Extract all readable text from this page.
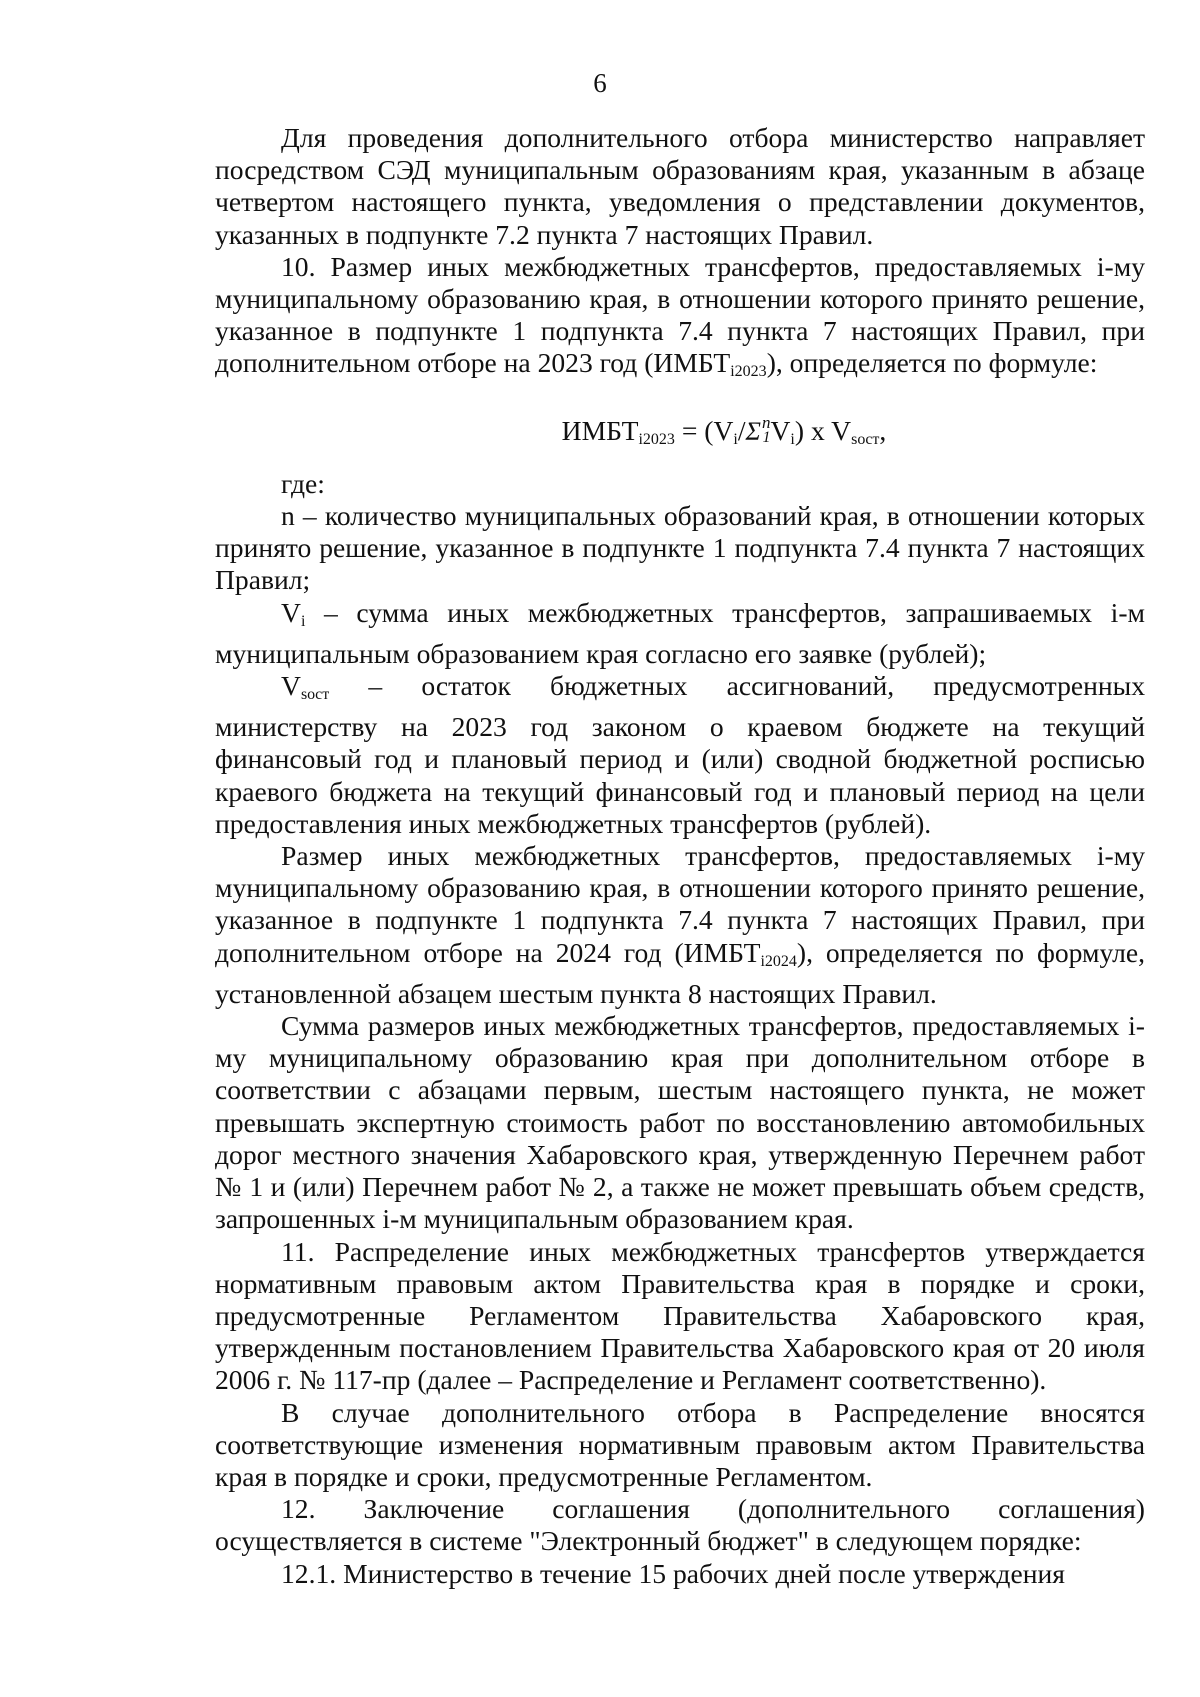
6

Для проведения дополнительного отбора министерство направляет посредством СЭД муниципальным образованиям края, указанным в абзаце четвертом настоящего пункта, уведомления о представлении документов, указанных в подпункте 7.2 пункта 7 настоящих Правил.

10. Размер иных межбюджетных трансфертов, предоставляемых i-му муниципальному образованию края, в отношении которого принято решение, указанное в подпункте 1 подпункта 7.4 пункта 7 настоящих Правил, при дополнительном отборе на 2023 год $(ИМБТ_{i2023})$, определяется по формуле:

$ИМБТ_{i2023} = (V_i/\Sigma^n_1V_i)$ x $V_{sоcт}$,

где:

n – количество муниципальных образований края, в отношении которых принято решение, указанное в подпункте 1 подпункта 7.4 пункта 7 настоящих Правил;

$V_i$ – сумма иных межбюджетных трансфертов, запрашиваемых i-м муниципальным образованием края согласно его заявке (рублей);

$V_{sоcт}$ – остаток бюджетных ассигнований, предусмотренных министерству на 2023 год законом о краевом бюджете на текущий финансовый год и плановый период и (или) сводной бюджетной росписью краевого бюджета на текущий финансовый год и плановый период на цели предоставления иных межбюджетных трансфертов (рублей).

Размер иных межбюджетных трансфертов, предоставляемых i-му муниципальному образованию края, в отношении которого принято решение, указанное в подпункте 1 подпункта 7.4 пункта 7 настоящих Правил, при дополнительном отборе на 2024 год $(ИМБТ_{i2024})$, определяется по формуле, установленной абзацем шестым пункта 8 настоящих Правил.

Сумма размеров иных межбюджетных трансфертов, предоставляемых i-му муниципальному образованию края при дополнительном отборе в соответствии с абзацами первым, шестым настоящего пункта, не может превышать экспертную стоимость работ по восстановлению автомобильных дорог местного значения Хабаровского края, утвержденную Перечнем работ № 1 и (или) Перечнем работ № 2, а также не может превышать объем средств, запрошенных i-м муниципальным образованием края.

11. Распределение иных межбюджетных трансфертов утверждается нормативным правовым актом Правительства края в порядке и сроки, предусмотренные Регламентом Правительства Хабаровского края, утвержденным постановлением Правительства Хабаровского края от 20 июля 2006 г. № 117-пр (далее – Распределение и Регламент соответственно).

В случае дополнительного отбора в Распределение вносятся соответствующие изменения нормативным правовым актом Правительства края в порядке и сроки, предусмотренные Регламентом.

12. Заключение соглашения (дополнительного соглашения) осуществляется в системе "Электронный бюджет" в следующем порядке:

12.1. Министерство в течение 15 рабочих дней после утверждения
